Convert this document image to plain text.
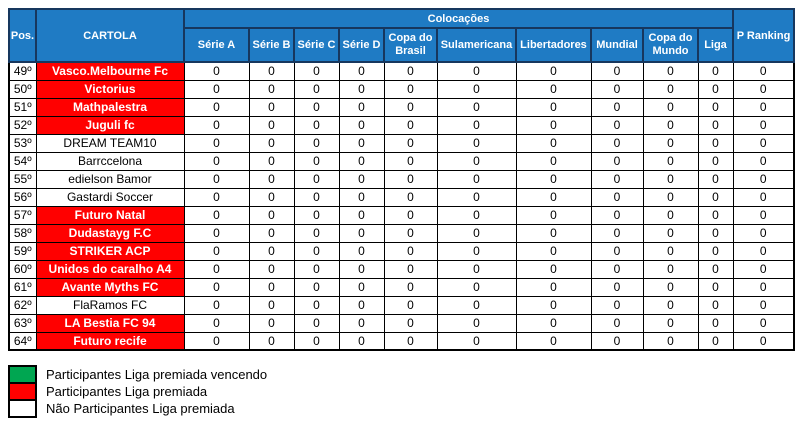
Pos.	CARTOLA	Colocações										P Ranking
		Série A	Série B	Série C	Série D	Copa do Brasil	Sulamericana	Libertadores	Mundial	Copa do Mundo	Liga	
49º	Vasco.Melbourne Fc	0	0	0	0	0	0	0	0	0	0	0
50º	Victorius	0	0	0	0	0	0	0	0	0	0	0
51º	Mathpalestra	0	0	0	0	0	0	0	0	0	0	0
52º	Juguli fc	0	0	0	0	0	0	0	0	0	0	0
53º	DREAM TEAM10	0	0	0	0	0	0	0	0	0	0	0
54º	Barrccelona	0	0	0	0	0	0	0	0	0	0	0
55º	edielson Bamor	0	0	0	0	0	0	0	0	0	0	0
56º	Gastardi Soccer	0	0	0	0	0	0	0	0	0	0	0
57º	Futuro Natal	0	0	0	0	0	0	0	0	0	0	0
58º	Dudastayg F.C	0	0	0	0	0	0	0	0	0	0	0
59º	STRIKER ACP	0	0	0	0	0	0	0	0	0	0	0
60º	Unidos do caralho A4	0	0	0	0	0	0	0	0	0	0	0
61º	Avante Myths FC	0	0	0	0	0	0	0	0	0	0	0
62º	FlaRamos FC	0	0	0	0	0	0	0	0	0	0	0
63º	LA Bestia FC 94	0	0	0	0	0	0	0	0	0	0	0
64º	Futuro recife	0	0	0	0	0	0	0	0	0	0	0
Participantes Liga premiada vencendo
Participantes Liga premiada
Não Participantes Liga premiada
